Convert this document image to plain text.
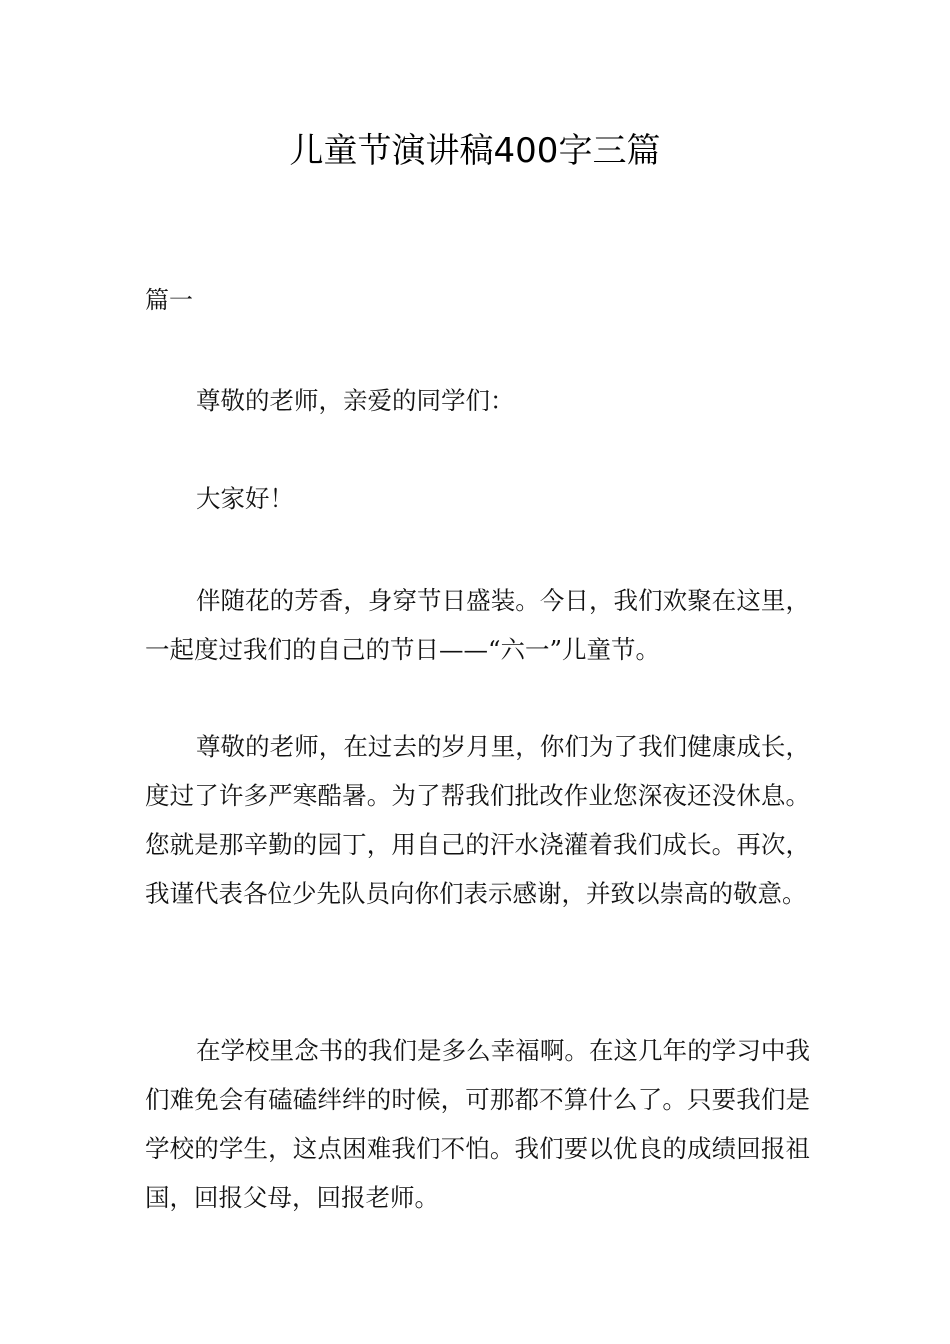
儿童节演讲稿400字三篇
篇一

尊敬的老师，亲爱的同学们：

大家好！

伴随花的芳香，身穿节日盛装。今日，我们欢聚在这里，一起度过我们的自己的节日——“六一”儿童节。

尊敬的老师，在过去的岁月里，你们为了我们健康成长，度过了许多严寒酷暑。为了帮我们批改作业您深夜还没休息。您就是那辛勤的园丁，用自己的汗水浇灌着我们成长。再次，我谨代表各位少先队员向你们表示感谢，并致以崇高的敬意。

在学校里念书的我们是多么幸福啊。在这几年的学习中我们难免会有磕磕绊绊的时候，可那都不算什么了。只要我们是学校的学生，这点困难我们不怕。我们要以优良的成绩回报祖国，回报父母，回报老师。
